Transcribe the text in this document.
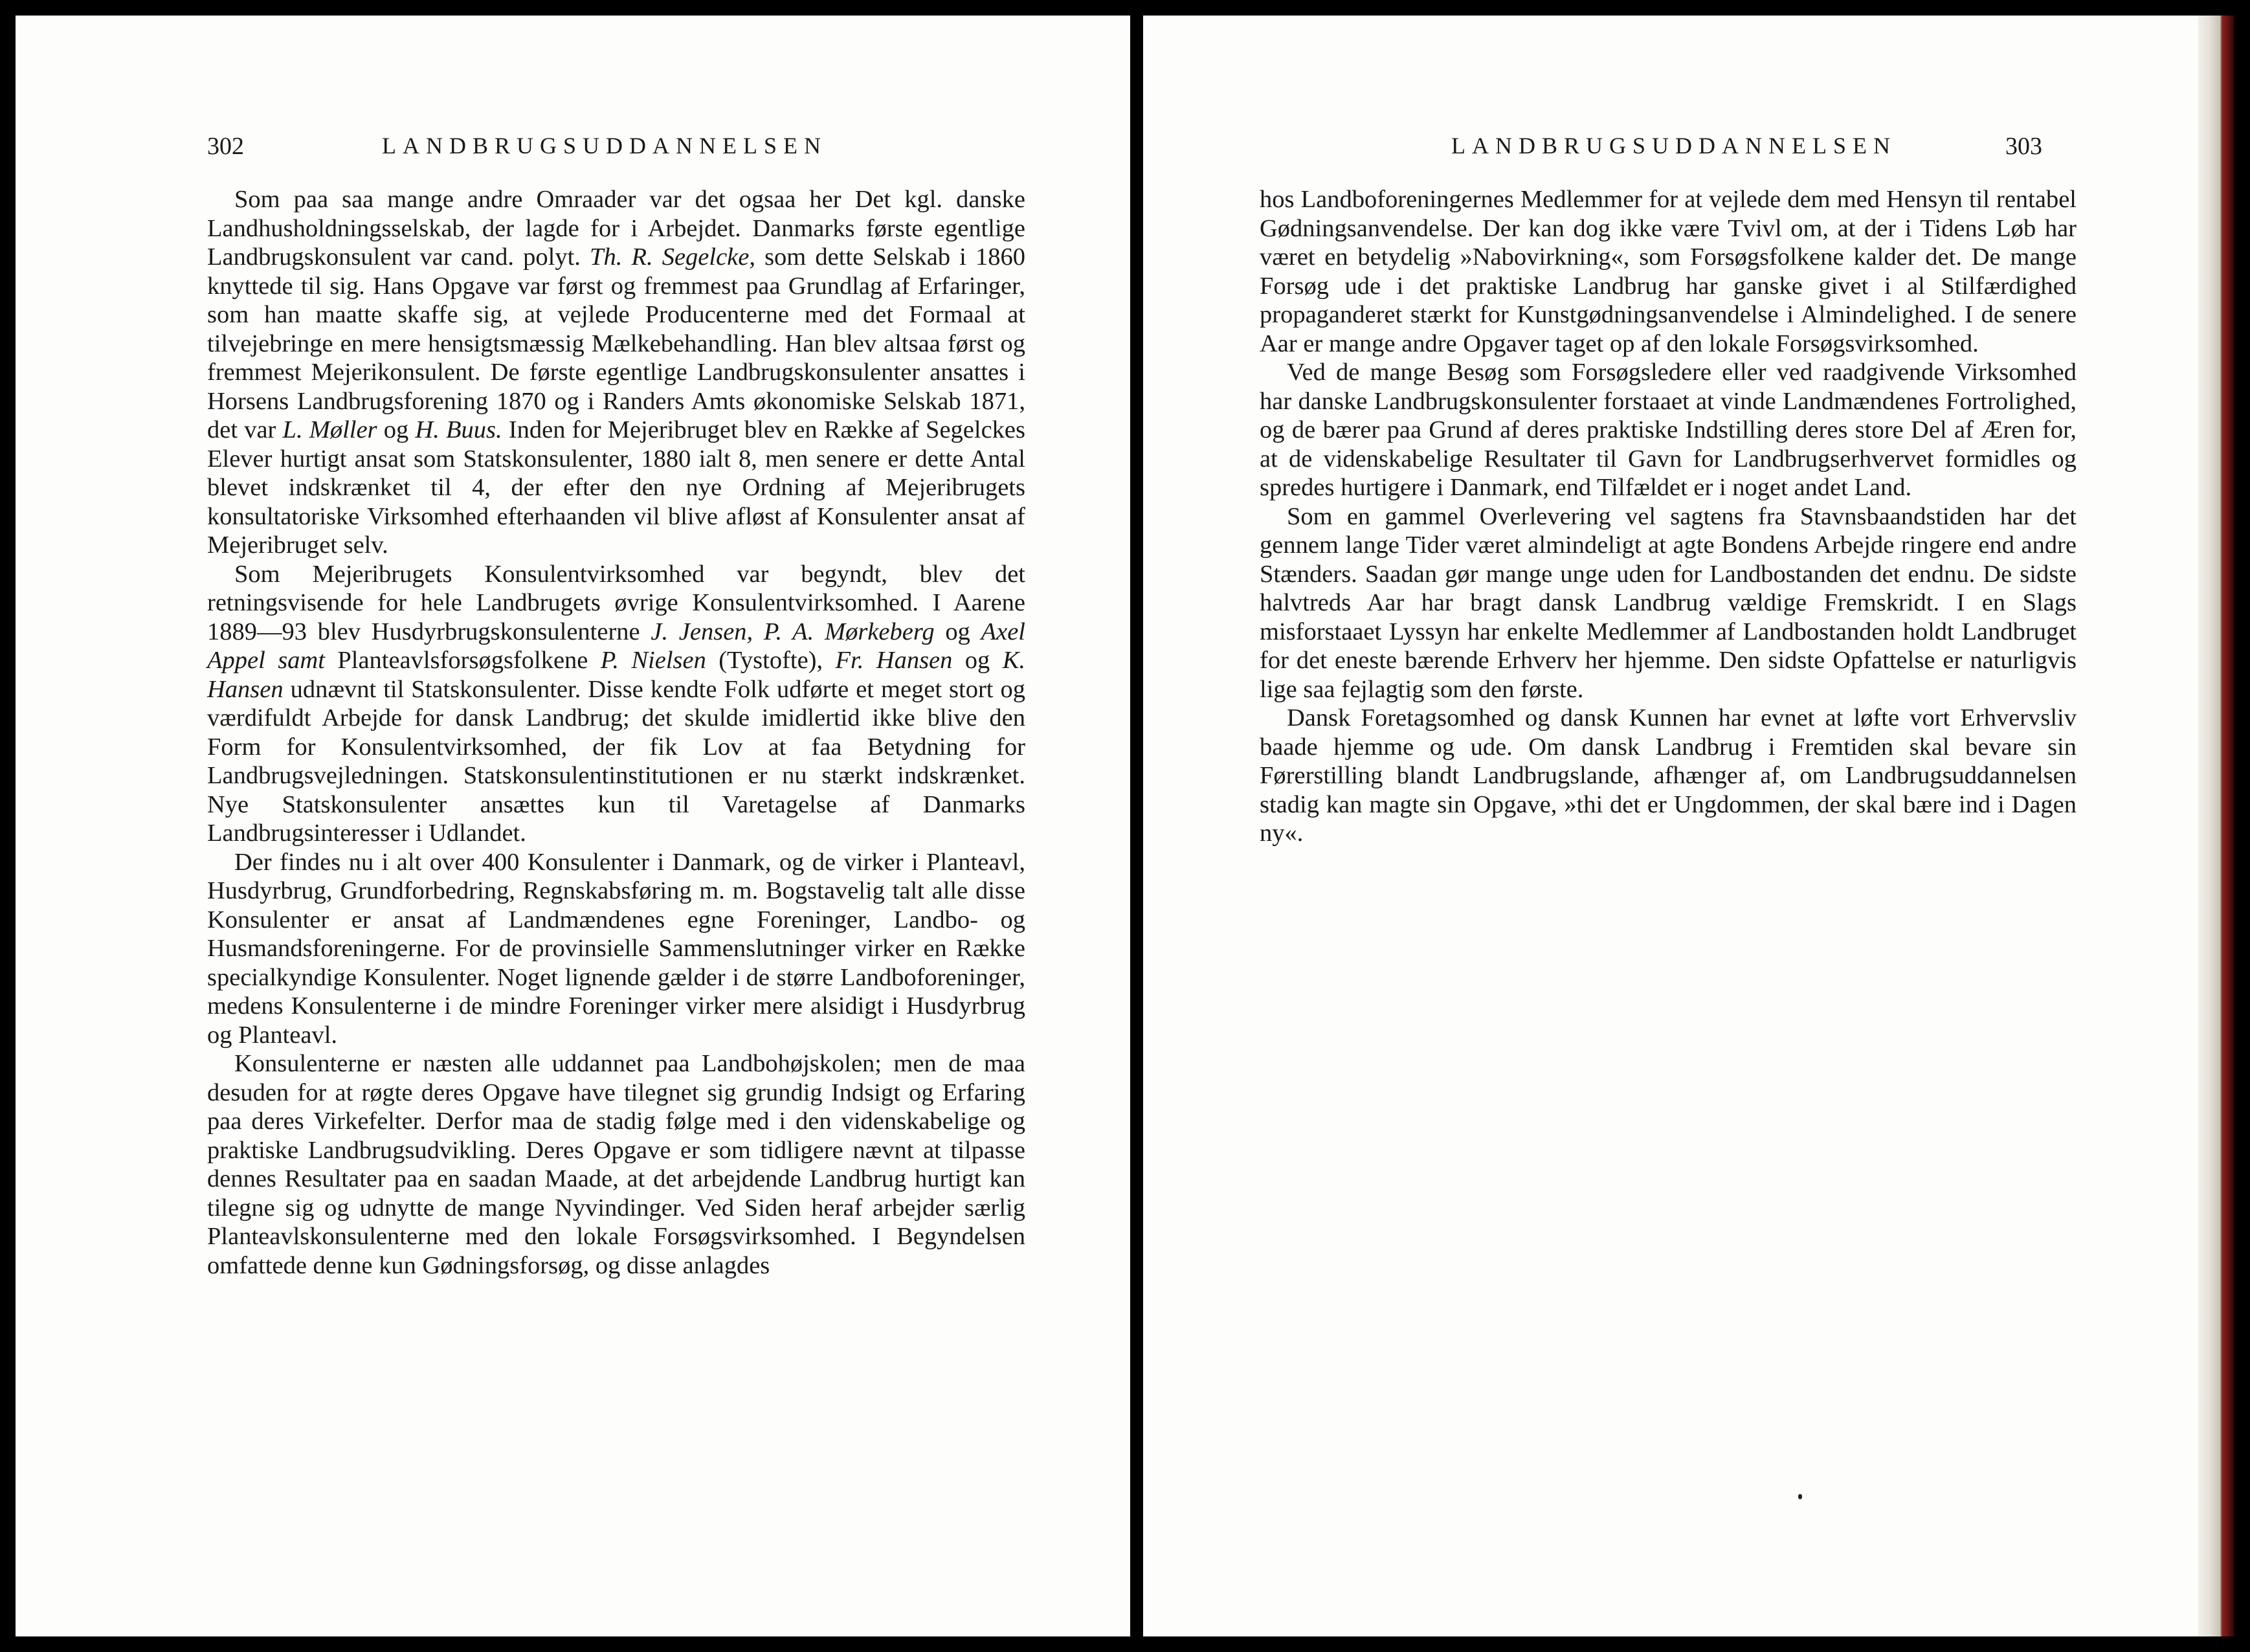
302	LANDBRUGSUDDANNELSEN

Som paa saa mange andre Omraader var det ogsaa her Det kgl. danske Landhusholdningsselskab, der lagde for i Arbejdet. Danmarks første egentlige Landbrugskonsulent var cand. polyt. Th. R. Segelcke, som dette Selskab i 1860 knyttede til sig. Hans Opgave var først og fremmest paa Grundlag af Erfaringer, som han maatte skaffe sig, at vejlede Producenterne med det Formaal at tilvejebringe en mere hensigtsmæssig Mælkebehandling. Han blev altsaa først og fremmest Mejerikonsulent. De første egentlige Landbrugskonsulenter ansattes i Horsens Landbrugsforening 1870 og i Randers Amts økonomiske Selskab 1871, det var L. Møller og H. Buus. Inden for Mejeribruget blev en Række af Segelckes Elever hurtigt ansat som Statskonsulenter, 1880 ialt 8, men senere er dette Antal blevet indskrænket til 4, der efter den nye Ordning af Mejeribrugets konsultatoriske Virksomhed efterhaanden vil blive afløst af Konsulenter ansat af Mejeribruget selv.

Som Mejeribrugets Konsulentvirksomhed var begyndt, blev det retningsvisende for hele Landbrugets øvrige Konsulentvirksomhed. I Aarene 1889—93 blev Husdyrbrugskonsulenterne J. Jensen, P. A. Mørkeberg og Axel Appel samt Planteavlsforsøgsfolkene P. Nielsen (Tystofte), Fr. Hansen og K. Hansen udnævnt til Statskonsulenter. Disse kendte Folk udførte et meget stort og værdifuldt Arbejde for dansk Landbrug; det skulde imidlertid ikke blive den Form for Konsulentvirksomhed, der fik Lov at faa Betydning for Landbrugsvejledningen. Statskonsulentinstitutionen er nu stærkt indskrænket. Nye Statskonsulenter ansættes kun til Varetagelse af Danmarks Landbrugsinteresser i Udlandet.

Der findes nu i alt over 400 Konsulenter i Danmark, og de virker i Planteavl, Husdyrbrug, Grundforbedring, Regnskabsføring m. m. Bogstavelig talt alle disse Konsulenter er ansat af Landmændenes egne Foreninger, Landbo- og Husmandsforeningerne. For de provinsielle Sammenslutninger virker en Række specialkyndige Konsulenter. Noget lignende gælder i de større Landboforeninger, medens Konsulenterne i de mindre Foreninger virker mere alsidigt i Husdyrbrug og Planteavl.

Konsulenterne er næsten alle uddannet paa Landbohøjskolen; men de maa desuden for at røgte deres Opgave have tilegnet sig grundig Indsigt og Erfaring paa deres Virkefelter. Derfor maa de stadig følge med i den videnskabelige og praktiske Landbrugsudvikling. Deres Opgave er som tidligere nævnt at tilpasse dennes Resultater paa en saadan Maade, at det arbejdende Landbrug hurtigt kan tilegne sig og udnytte de mange Nyvindinger. Ved Siden heraf arbejder særlig Planteavlskonsulenterne med den lokale Forsøgsvirksomhed. I Begyndelsen omfattede denne kun Gødningsforsøg, og disse anlagdes

LANDBRUGSUDDANNELSEN	303

hos Landboforeningernes Medlemmer for at vejlede dem med Hensyn til rentabel Gødningsanvendelse. Der kan dog ikke være Tvivl om, at der i Tidens Løb har været en betydelig »Nabovirkning«, som Forsøgsfolkene kalder det. De mange Forsøg ude i det praktiske Landbrug har ganske givet i al Stilfærdighed propaganderet stærkt for Kunstgødningsanvendelse i Almindelighed. I de senere Aar er mange andre Opgaver taget op af den lokale Forsøgsvirksomhed.

Ved de mange Besøg som Forsøgsledere eller ved raadgivende Virksomhed har danske Landbrugskonsulenter forstaaet at vinde Landmændenes Fortrolighed, og de bærer paa Grund af deres praktiske Indstilling deres store Del af Æren for, at de videnskabelige Resultater til Gavn for Landbrugserhvervet formidles og spredes hurtigere i Danmark, end Tilfældet er i noget andet Land.

Som en gammel Overlevering vel sagtens fra Stavnsbaandstiden har det gennem lange Tider været almindeligt at agte Bondens Arbejde ringere end andre Stænders. Saadan gør mange unge uden for Landbostanden det endnu. De sidste halvtreds Aar har bragt dansk Landbrug vældige Fremskridt. I en Slags misforstaaet Lyssyn har enkelte Medlemmer af Landbostanden holdt Landbruget for det eneste bærende Erhverv her hjemme. Den sidste Opfattelse er naturligvis lige saa fejlagtig som den første.

Dansk Foretagsomhed og dansk Kunnen har evnet at løfte vort Erhvervsliv baade hjemme og ude. Om dansk Landbrug i Fremtiden skal bevare sin Førerstilling blandt Landbrugslande, afhænger af, om Landbrugsuddannelsen stadig kan magte sin Opgave, »thi det er Ungdommen, der skal bære ind i Dagen ny«.
